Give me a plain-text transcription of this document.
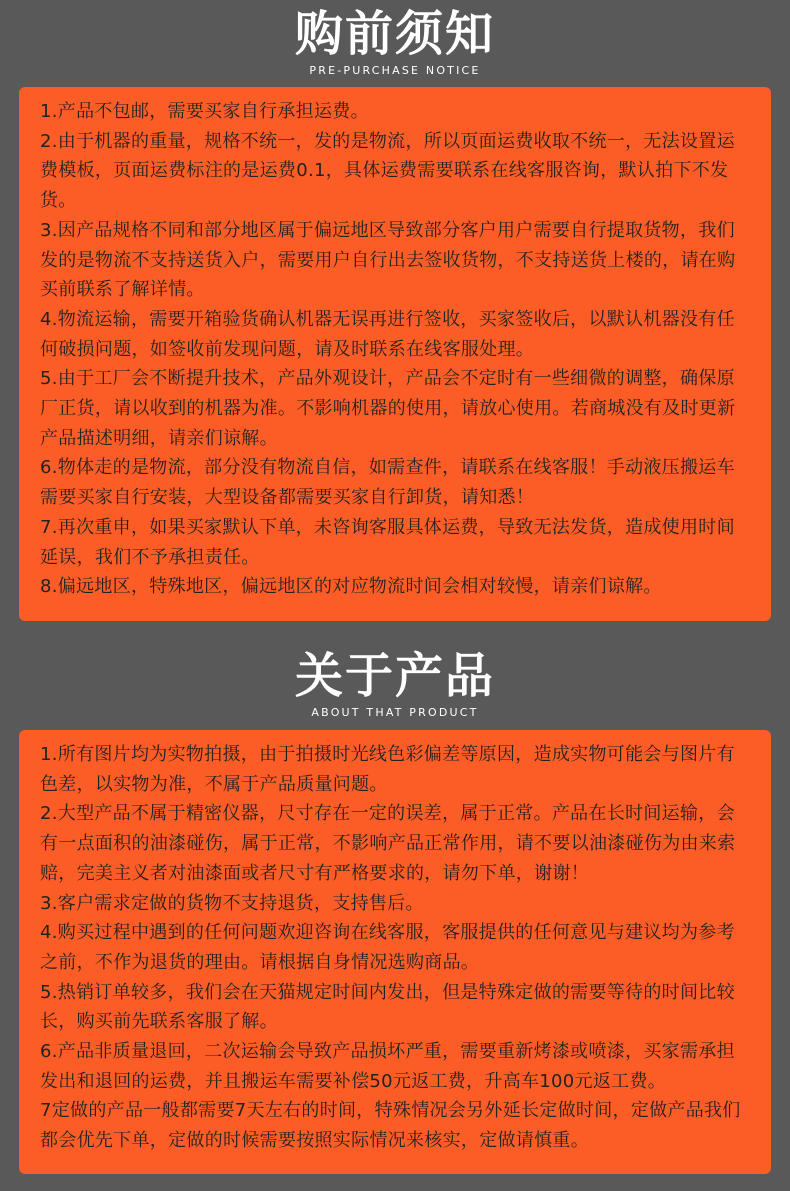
购前须知
PRE-PURCHASE NOTICE

1.产品不包邮，需要买家自行承担运费。

2.由于机器的重量，规格不统一，发的是物流，所以页面运费收取不统一，无法设置运费模板，页面运费标注的是运费0.1，具体运费需要联系在线客服咨询，默认拍下不发货。

3.因产品规格不同和部分地区属于偏远地区导致部分客户用户需要自行提取货物，我们发的是物流不支持送货入户，需要用户自行出去签收货物，不支持送货上楼的，请在购买前联系了解详情。

4.物流运输，需要开箱验货确认机器无误再进行签收，买家签收后，以默认机器没有任何破损问题，如签收前发现问题，请及时联系在线客服处理。

5.由于工厂会不断提升技术，产品外观设计，产品会不定时有一些细微的调整，确保原厂正货，请以收到的机器为准。不影响机器的使用，请放心使用。若商城没有及时更新产品描述明细，请亲们谅解。

6.物体走的是物流，部分没有物流自信，如需查件，请联系在线客服！手动液压搬运车需要买家自行安装，大型设备都需要买家自行卸货，请知悉！

7.再次重申，如果买家默认下单，未咨询客服具体运费，导致无法发货，造成使用时间延误，我们不予承担责任。

8.偏远地区，特殊地区，偏远地区的对应物流时间会相对较慢，请亲们谅解。

关于产品
ABOUT THAT PRODUCT

1.所有图片均为实物拍摄，由于拍摄时光线色彩偏差等原因，造成实物可能会与图片有色差，以实物为准，不属于产品质量问题。

2.大型产品不属于精密仪器，尺寸存在一定的误差，属于正常。产品在长时间运输，会有一点面积的油漆碰伤，属于正常，不影响产品正常作用，请不要以油漆碰伤为由来索赔，完美主义者对油漆面或者尺寸有严格要求的，请勿下单，谢谢！

3.客户需求定做的货物不支持退货，支持售后。

4.购买过程中遇到的任何问题欢迎咨询在线客服，客服提供的任何意见与建议均为参考之前，不作为退货的理由。请根据自身情况选购商品。

5.热销订单较多，我们会在天猫规定时间内发出，但是特殊定做的需要等待的时间比较长，购买前先联系客服了解。

6.产品非质量退回，二次运输会导致产品损坏严重，需要重新烤漆或喷漆，买家需承担发出和退回的运费，并且搬运车需要补偿50元返工费，升高车100元返工费。

7定做的产品一般都需要7天左右的时间，特殊情况会另外延长定做时间，定做产品我们都会优先下单，定做的时候需要按照实际情况来核实，定做请慎重。
